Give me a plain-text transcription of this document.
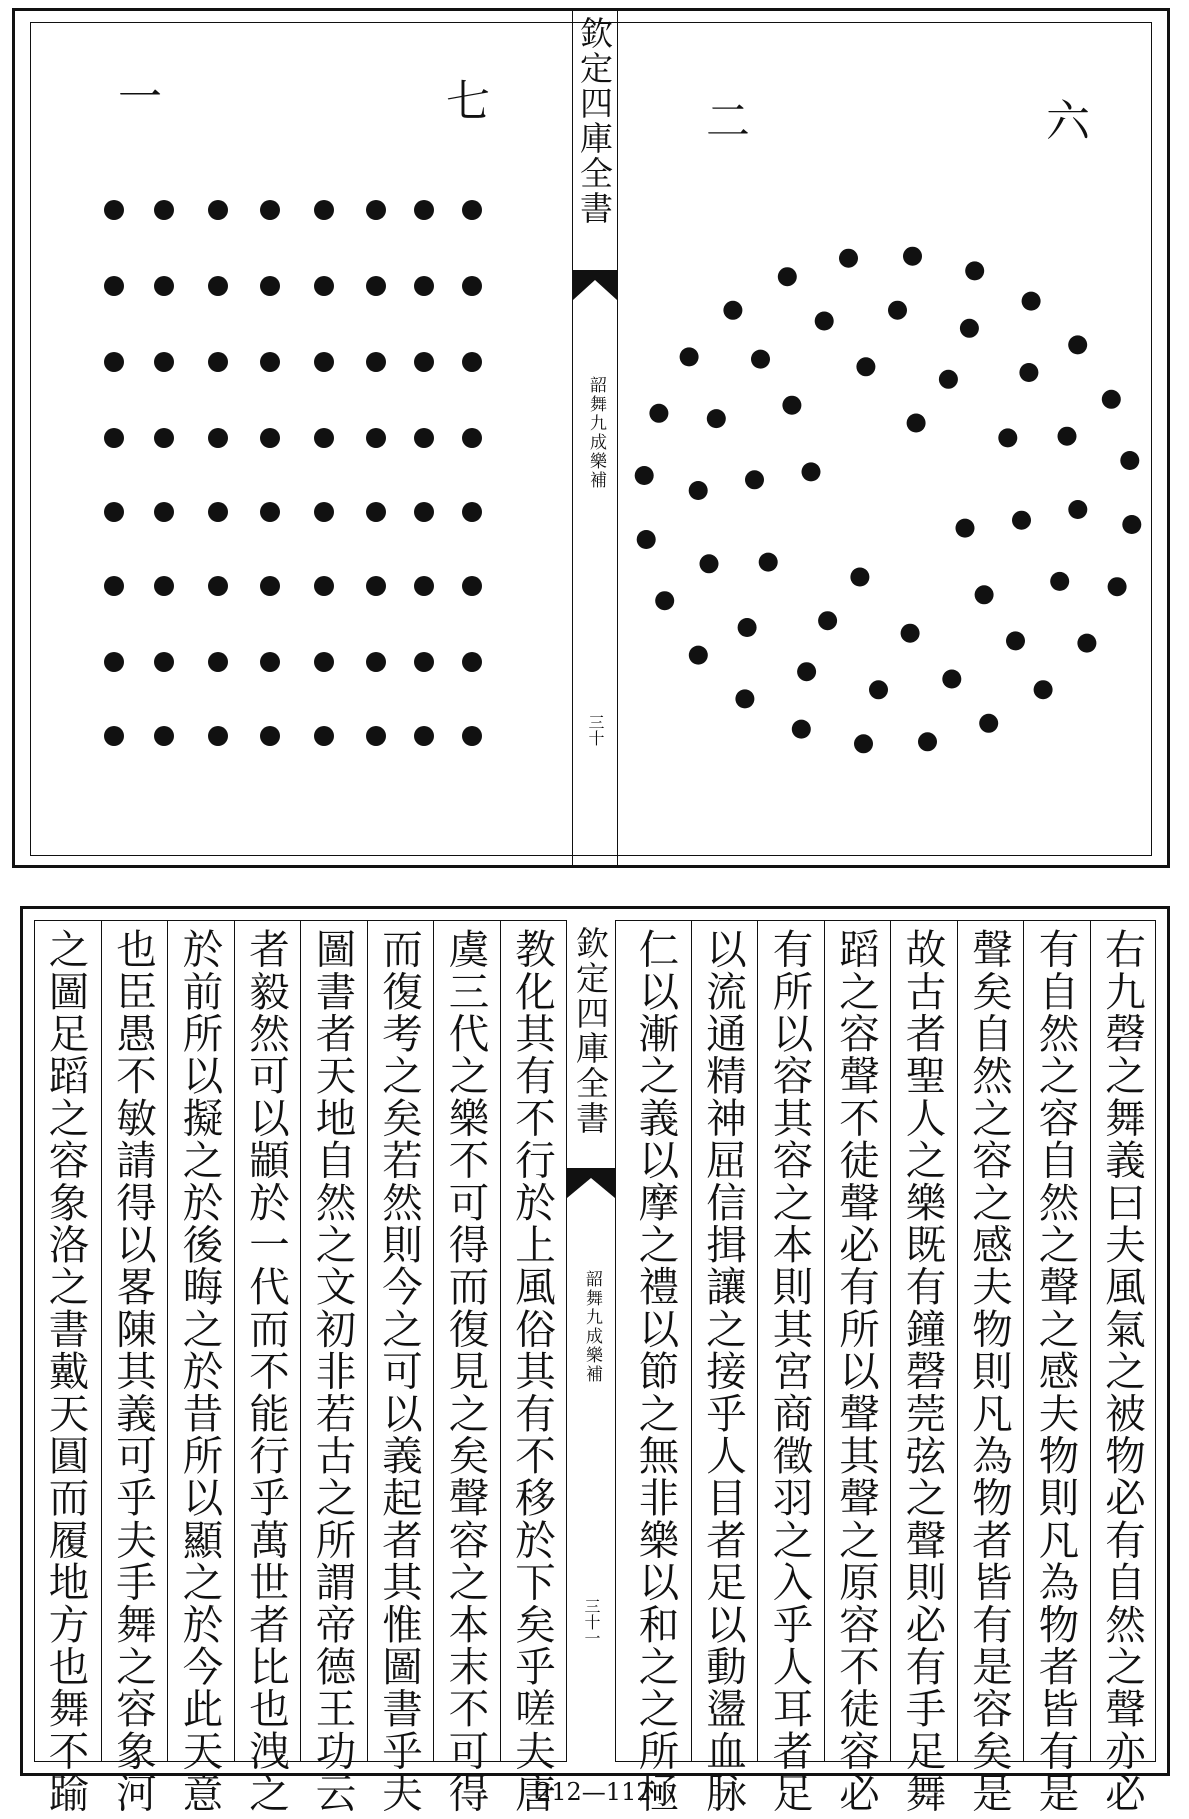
六
二
七
一	欽定四庫全書
韶舞九成樂補
三十
欽定四庫全書
韶舞九成樂補
三十一	右九磬之舞義曰夫風氣之被物必有自然之聲亦必
有自然之容自然之聲之感夫物則凡為物者皆有是
聲矣自然之容之感夫物則凡為物者皆有是容矣是
故古者聖人之樂既有鐘磬莞弦之聲則必有手足舞
蹈之容聲不徒聲必有所以聲其聲之原容不徒容必
有所以容其容之本則其宮商徵羽之入乎人耳者足
以流通精神屈信揖讓之接乎人目者足以動盪血脉
仁以漸之義以摩之禮以節之無非樂以和之之所極
教化其有不行於上風俗其有不移於下矣乎嗟夫唐
虞三代之樂不可得而復見之矣聲容之本末不可得
而復考之矣若然則今之可以義起者其惟圖書乎夫
圖書者天地自然之文初非若古之所謂帝德王功云
者毅然可以顓於一代而不能行乎萬世者比也洩之
於前所以擬之於後晦之於昔所以顯之於今此天意
也臣愚不敏請得以畧陳其義可乎夫手舞之容象河
之圖足蹈之容象洛之書戴天圓而履地方也舞不踰	212—112
